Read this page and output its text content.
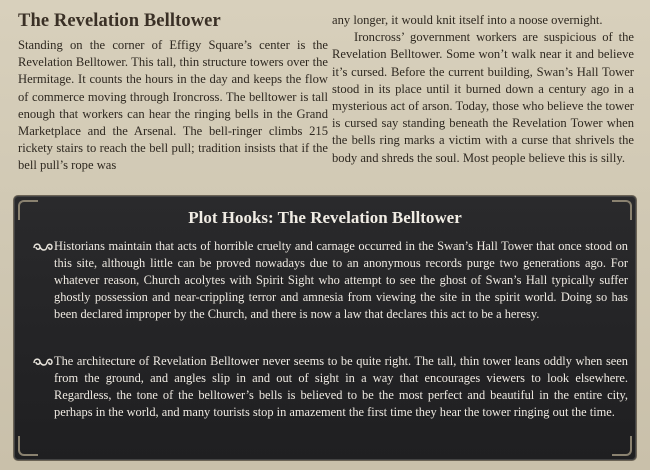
The Revelation Belltower

Standing on the corner of Effigy Square’s center is the Revelation Belltower. This tall, thin structure towers over the Hermitage. It counts the hours in the day and keeps the flow of commerce moving through Ironcross. The belltower is tall enough that workers can hear the ringing bells in the Grand Marketplace and the Arsenal. The bell-ringer climbs 215 rickety stairs to reach the bell pull; tradition insists that if the bell pull’s rope was

any longer, it would knit itself into a noose overnight.

Ironcross’ government workers are suspicious of the Revelation Belltower. Some won’t walk near it and believe it’s cursed. Before the current building, Swan’s Hall Tower stood in its place until it burned down a century ago in a mysterious act of arson. Today, those who believe the tower is cursed say standing beneath the Revelation Tower when the bells ring marks a victim with a curse that shrivels the body and shreds the soul. Most people believe this is silly.

Plot Hooks: The Revelation Belltower

Historians maintain that acts of horrible cruelty and carnage occurred in the Swan’s Hall Tower that once stood on this site, although little can be proved nowadays due to an anonymous records purge two generations ago. For whatever reason, Church acolytes with Spirit Sight who attempt to see the ghost of Swan’s Hall typically suffer ghostly possession and near-crippling terror and amnesia from viewing the site in the spirit world. Doing so has been declared improper by the Church, and there is now a law that declares this act to be a heresy.

The architecture of Revelation Belltower never seems to be quite right. The tall, thin tower leans oddly when seen from the ground, and angles slip in and out of sight in a way that encourages viewers to look elsewhere. Regardless, the tone of the belltower’s bells is believed to be the most perfect and beautiful in the entire city, perhaps in the world, and many tourists stop in amazement the first time they hear the tower ringing out the time.
